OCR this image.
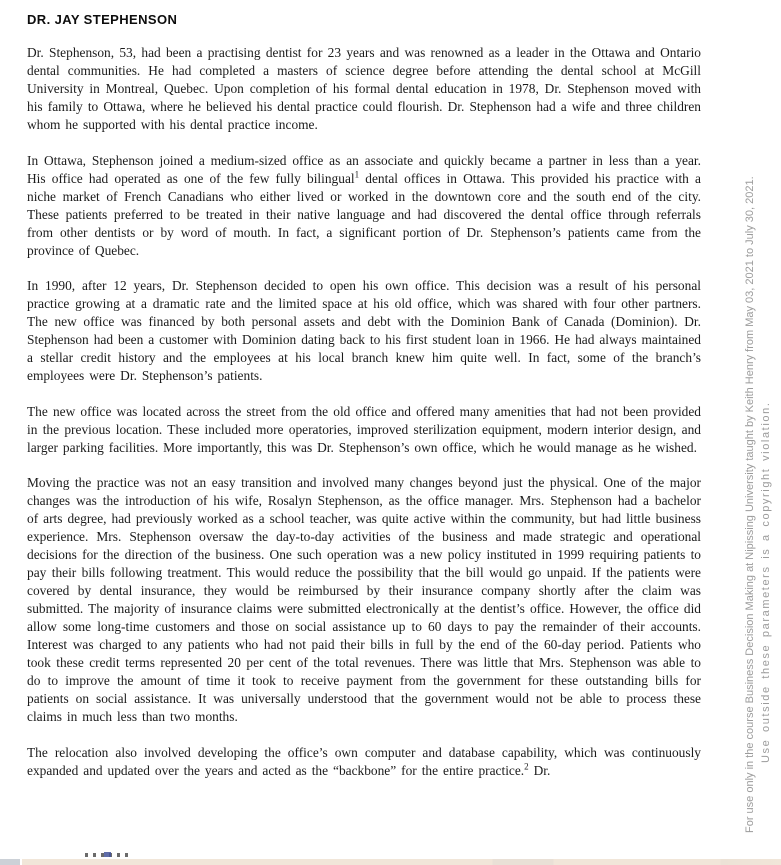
DR. JAY STEPHENSON

Dr. Stephenson, 53, had been a practising dentist for 23 years and was renowned as a leader in the Ottawa and Ontario dental communities. He had completed a masters of science degree before attending the dental school at McGill University in Montreal, Quebec. Upon completion of his formal dental education in 1978, Dr. Stephenson moved with his family to Ottawa, where he believed his dental practice could flourish. Dr. Stephenson had a wife and three children whom he supported with his dental practice income.

In Ottawa, Stephenson joined a medium-sized office as an associate and quickly became a partner in less than a year. His office had operated as one of the few fully bilingual$^1$ dental offices in Ottawa. This provided his practice with a niche market of French Canadians who either lived or worked in the downtown core and the south end of the city. These patients preferred to be treated in their native language and had discovered the dental office through referrals from other dentists or by word of mouth. In fact, a significant portion of Dr. Stephenson’s patients came from the province of Quebec.

In 1990, after 12 years, Dr. Stephenson decided to open his own office. This decision was a result of his personal practice growing at a dramatic rate and the limited space at his old office, which was shared with four other partners. The new office was financed by both personal assets and debt with the Dominion Bank of Canada (Dominion). Dr. Stephenson had been a customer with Dominion dating back to his first student loan in 1966. He had always maintained a stellar credit history and the employees at his local branch knew him quite well. In fact, some of the branch’s employees were Dr. Stephenson’s patients.

The new office was located across the street from the old office and offered many amenities that had not been provided in the previous location. These included more operatories, improved sterilization equipment, modern interior design, and larger parking facilities. More importantly, this was Dr. Stephenson’s own office, which he would manage as he wished.

Moving the practice was not an easy transition and involved many changes beyond just the physical. One of the major changes was the introduction of his wife, Rosalyn Stephenson, as the office manager. Mrs. Stephenson had a bachelor of arts degree, had previously worked as a school teacher, was quite active within the community, but had little business experience. Mrs. Stephenson oversaw the day-to-day activities of the business and made strategic and operational decisions for the direction of the business. One such operation was a new policy instituted in 1999 requiring patients to pay their bills following treatment. This would reduce the possibility that the bill would go unpaid. If the patients were covered by dental insurance, they would be reimbursed by their insurance company shortly after the claim was submitted. The majority of insurance claims were submitted electronically at the dentist’s office. However, the office did allow some long-time customers and those on social assistance up to 60 days to pay the remainder of their accounts. Interest was charged to any patients who had not paid their bills in full by the end of the 60-day period. Patients who took these credit terms represented 20 per cent of the total revenues. There was little that Mrs. Stephenson was able to do to improve the amount of time it took to receive payment from the government for these outstanding bills for patients on social assistance. It was universally understood that the government would not be able to process these claims in much less than two months.

The relocation also involved developing the office’s own computer and database capability, which was continuously expanded and updated over the years and acted as the “backbone” for the entire practice.$^2$ Dr.	For use only in the course Business Decision Making at Nipissing University taught by Keith Henry from May 03, 2021 to July 30, 2021. Use outside these parameters is a copyright violation.
